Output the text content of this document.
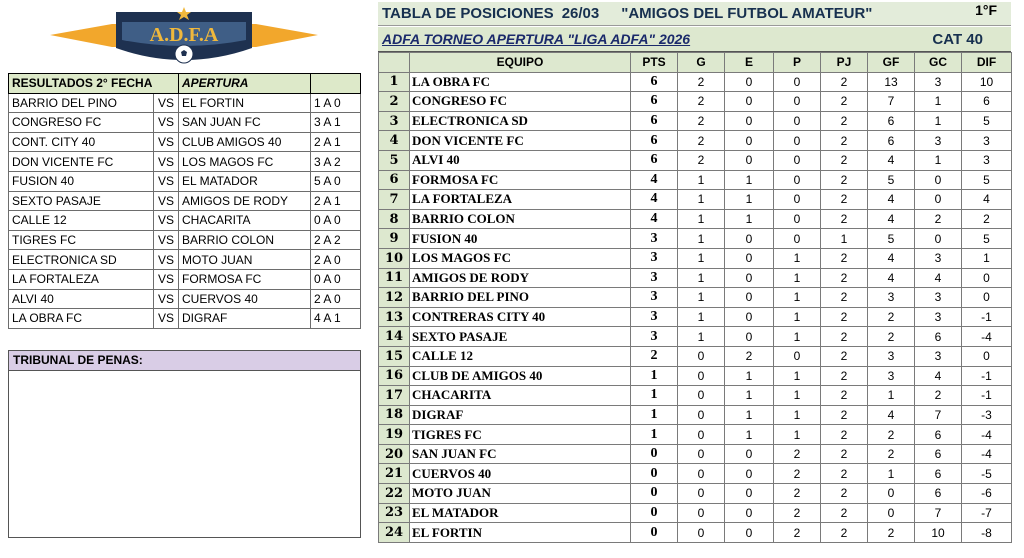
A.D.F.A
RESULTADOS 2° FECHA		APERTURA	
BARRIO DEL PINO	VS	EL FORTIN	1 A 0
CONGRESO FC	VS	SAN JUAN FC	3 A 1
CONT. CITY 40	VS	CLUB AMIGOS 40	2 A 1
DON VICENTE FC	VS	LOS MAGOS FC	3 A 2
FUSION 40	VS	EL MATADOR	5 A 0
SEXTO PASAJE	VS	AMIGOS DE RODY	2 A 1
CALLE 12	VS	CHACARITA	0 A 0
TIGRES FC	VS	BARRIO COLON	2 A 2
ELECTRONICA SD	VS	MOTO JUAN	2 A 0
LA FORTALEZA	VS	FORMOSA FC	0 A 0
ALVI 40	VS	CUERVOS 40	2 A 0
LA OBRA FC	VS	DIGRAF	4 A 1
TRIBUNAL DE PENAS:
TABLA DE POSICIONES 26/03 "AMIGOS DEL FUTBOL AMATEUR"	1°F
ADFA TORNEO APERTURA "LIGA ADFA" 2026	CAT 40
	EQUIPO	PTS	G	E	P	PJ	GF	GC	DIF
1	LA OBRA FC	6	2	0	0	2	13	3	10
2	CONGRESO FC	6	2	0	0	2	7	1	6
3	ELECTRONICA SD	6	2	0	0	2	6	1	5
4	DON VICENTE FC	6	2	0	0	2	6	3	3
5	ALVI 40	6	2	0	0	2	4	1	3
6	FORMOSA FC	4	1	1	0	2	5	0	5
7	LA FORTALEZA	4	1	1	0	2	4	0	4
8	BARRIO COLON	4	1	1	0	2	4	2	2
9	FUSION 40	3	1	0	0	1	5	0	5
10	LOS MAGOS FC	3	1	0	1	2	4	3	1
11	AMIGOS DE RODY	3	1	0	1	2	4	4	0
12	BARRIO DEL PINO	3	1	0	1	2	3	3	0
13	CONTRERAS CITY 40	3	1	0	1	2	2	3	-1
14	SEXTO PASAJE	3	1	0	1	2	2	6	-4
15	CALLE 12	2	0	2	0	2	3	3	0
16	CLUB DE AMIGOS 40	1	0	1	1	2	3	4	-1
17	CHACARITA	1	0	1	1	2	1	2	-1
18	DIGRAF	1	0	1	1	2	4	7	-3
19	TIGRES FC	1	0	1	1	2	2	6	-4
20	SAN JUAN FC	0	0	0	2	2	2	6	-4
21	CUERVOS 40	0	0	0	2	2	1	6	-5
22	MOTO JUAN	0	0	0	2	2	0	6	-6
23	EL MATADOR	0	0	0	2	2	0	7	-7
24	EL FORTIN	0	0	0	2	2	2	10	-8
